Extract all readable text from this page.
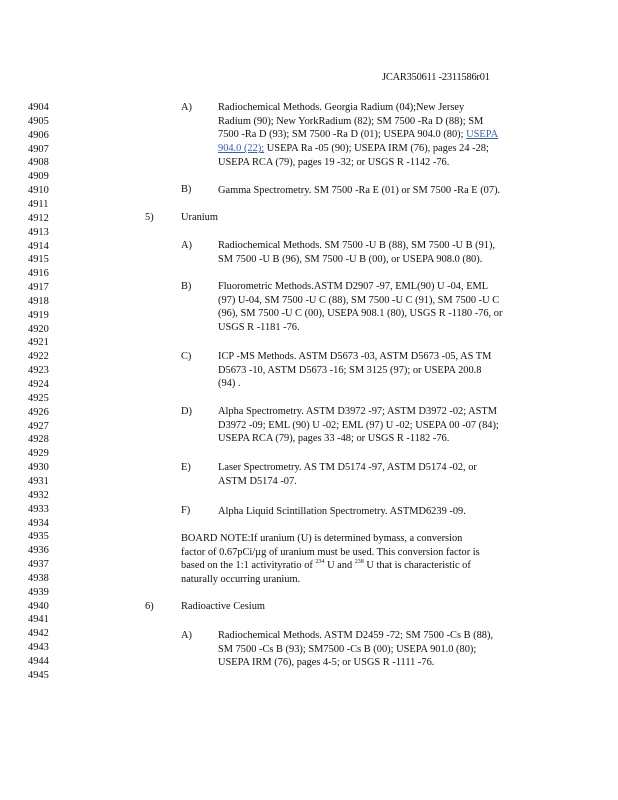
JCAR350611 -2311586r01
4904
4905
4906
4907
4908
4909
4910
4911
4912
4913
4914
4915
4916
4917
4918
4919
4920
4921
4922
4923
4924
4925
4926
4927
4928
4929
4930
4931
4932
4933
4934
4935
4936
4937
4938
4939
4940
4941
4942
4943
4944
4945
A)	Radiochemical Methods. Georgia Radium (04);New Jersey
Radium (90); New YorkRadium (82); SM 7500 -Ra D (88); SM
7500 -Ra D (93); SM 7500 -Ra D (01); USEPA 904.0 (80); USEPA
904.0 (22); USEPA Ra -05 (90); USEPA IRM (76), pages 24 -28;
USEPA RCA (79), pages 19 -32; or USGS R -1142 -76.
B)	Gamma Spectrometry. SM 7500 -Ra E (01) or SM 7500 -Ra E (07).
5)	Uranium
A)	Radiochemical Methods. SM 7500 -U B (88), SM 7500 -U B (91),
SM 7500 -U B (96), SM 7500 -U B (00), or USEPA 908.0 (80).
B)	Fluorometric Methods.ASTM D2907 -97, EML(90) U -04, EML
(97) U-04, SM 7500 -U C (88), SM 7500 -U C (91), SM 7500 -U C
(96), SM 7500 -U C (00), USEPA 908.1 (80), USGS R -1180 -76, or
USGS R -1181 -76.
C)	ICP -MS Methods. ASTM D5673 -03, ASTM D5673 -05, AS TM
D5673 -10, ASTM D5673 -16; SM 3125 (97); or USEPA 200.8
(94) .
D)	Alpha Spectrometry. ASTM D3972 -97; ASTM D3972 -02; ASTM
D3972 -09; EML (90) U -02; EML (97) U -02; USEPA 00 -07 (84);
USEPA RCA (79), pages 33 -48; or USGS R -1182 -76.
E)	Laser Spectrometry. AS TM D5174 -97, ASTM D5174 -02, or
ASTM D5174 -07.
F)	Alpha Liquid Scintillation Spectrometry. ASTMD6239 -09.
BOARD NOTE:If uranium (U) is determined bymass, a conversion
factor of 0.67pCi/µg of uranium must be used. This conversion factor is
based on the 1:1 activityratio of $^{234}$ U and $^{238}$ U that is characteristic of
naturally occurring uranium.
6)	Radioactive Cesium
A)	Radiochemical Methods. ASTM D2459 -72; SM 7500 -Cs B (88),
SM 7500 -Cs B (93); SM7500 -Cs B (00); USEPA 901.0 (80);
USEPA IRM (76), pages 4-5; or USGS R -1111 -76.
